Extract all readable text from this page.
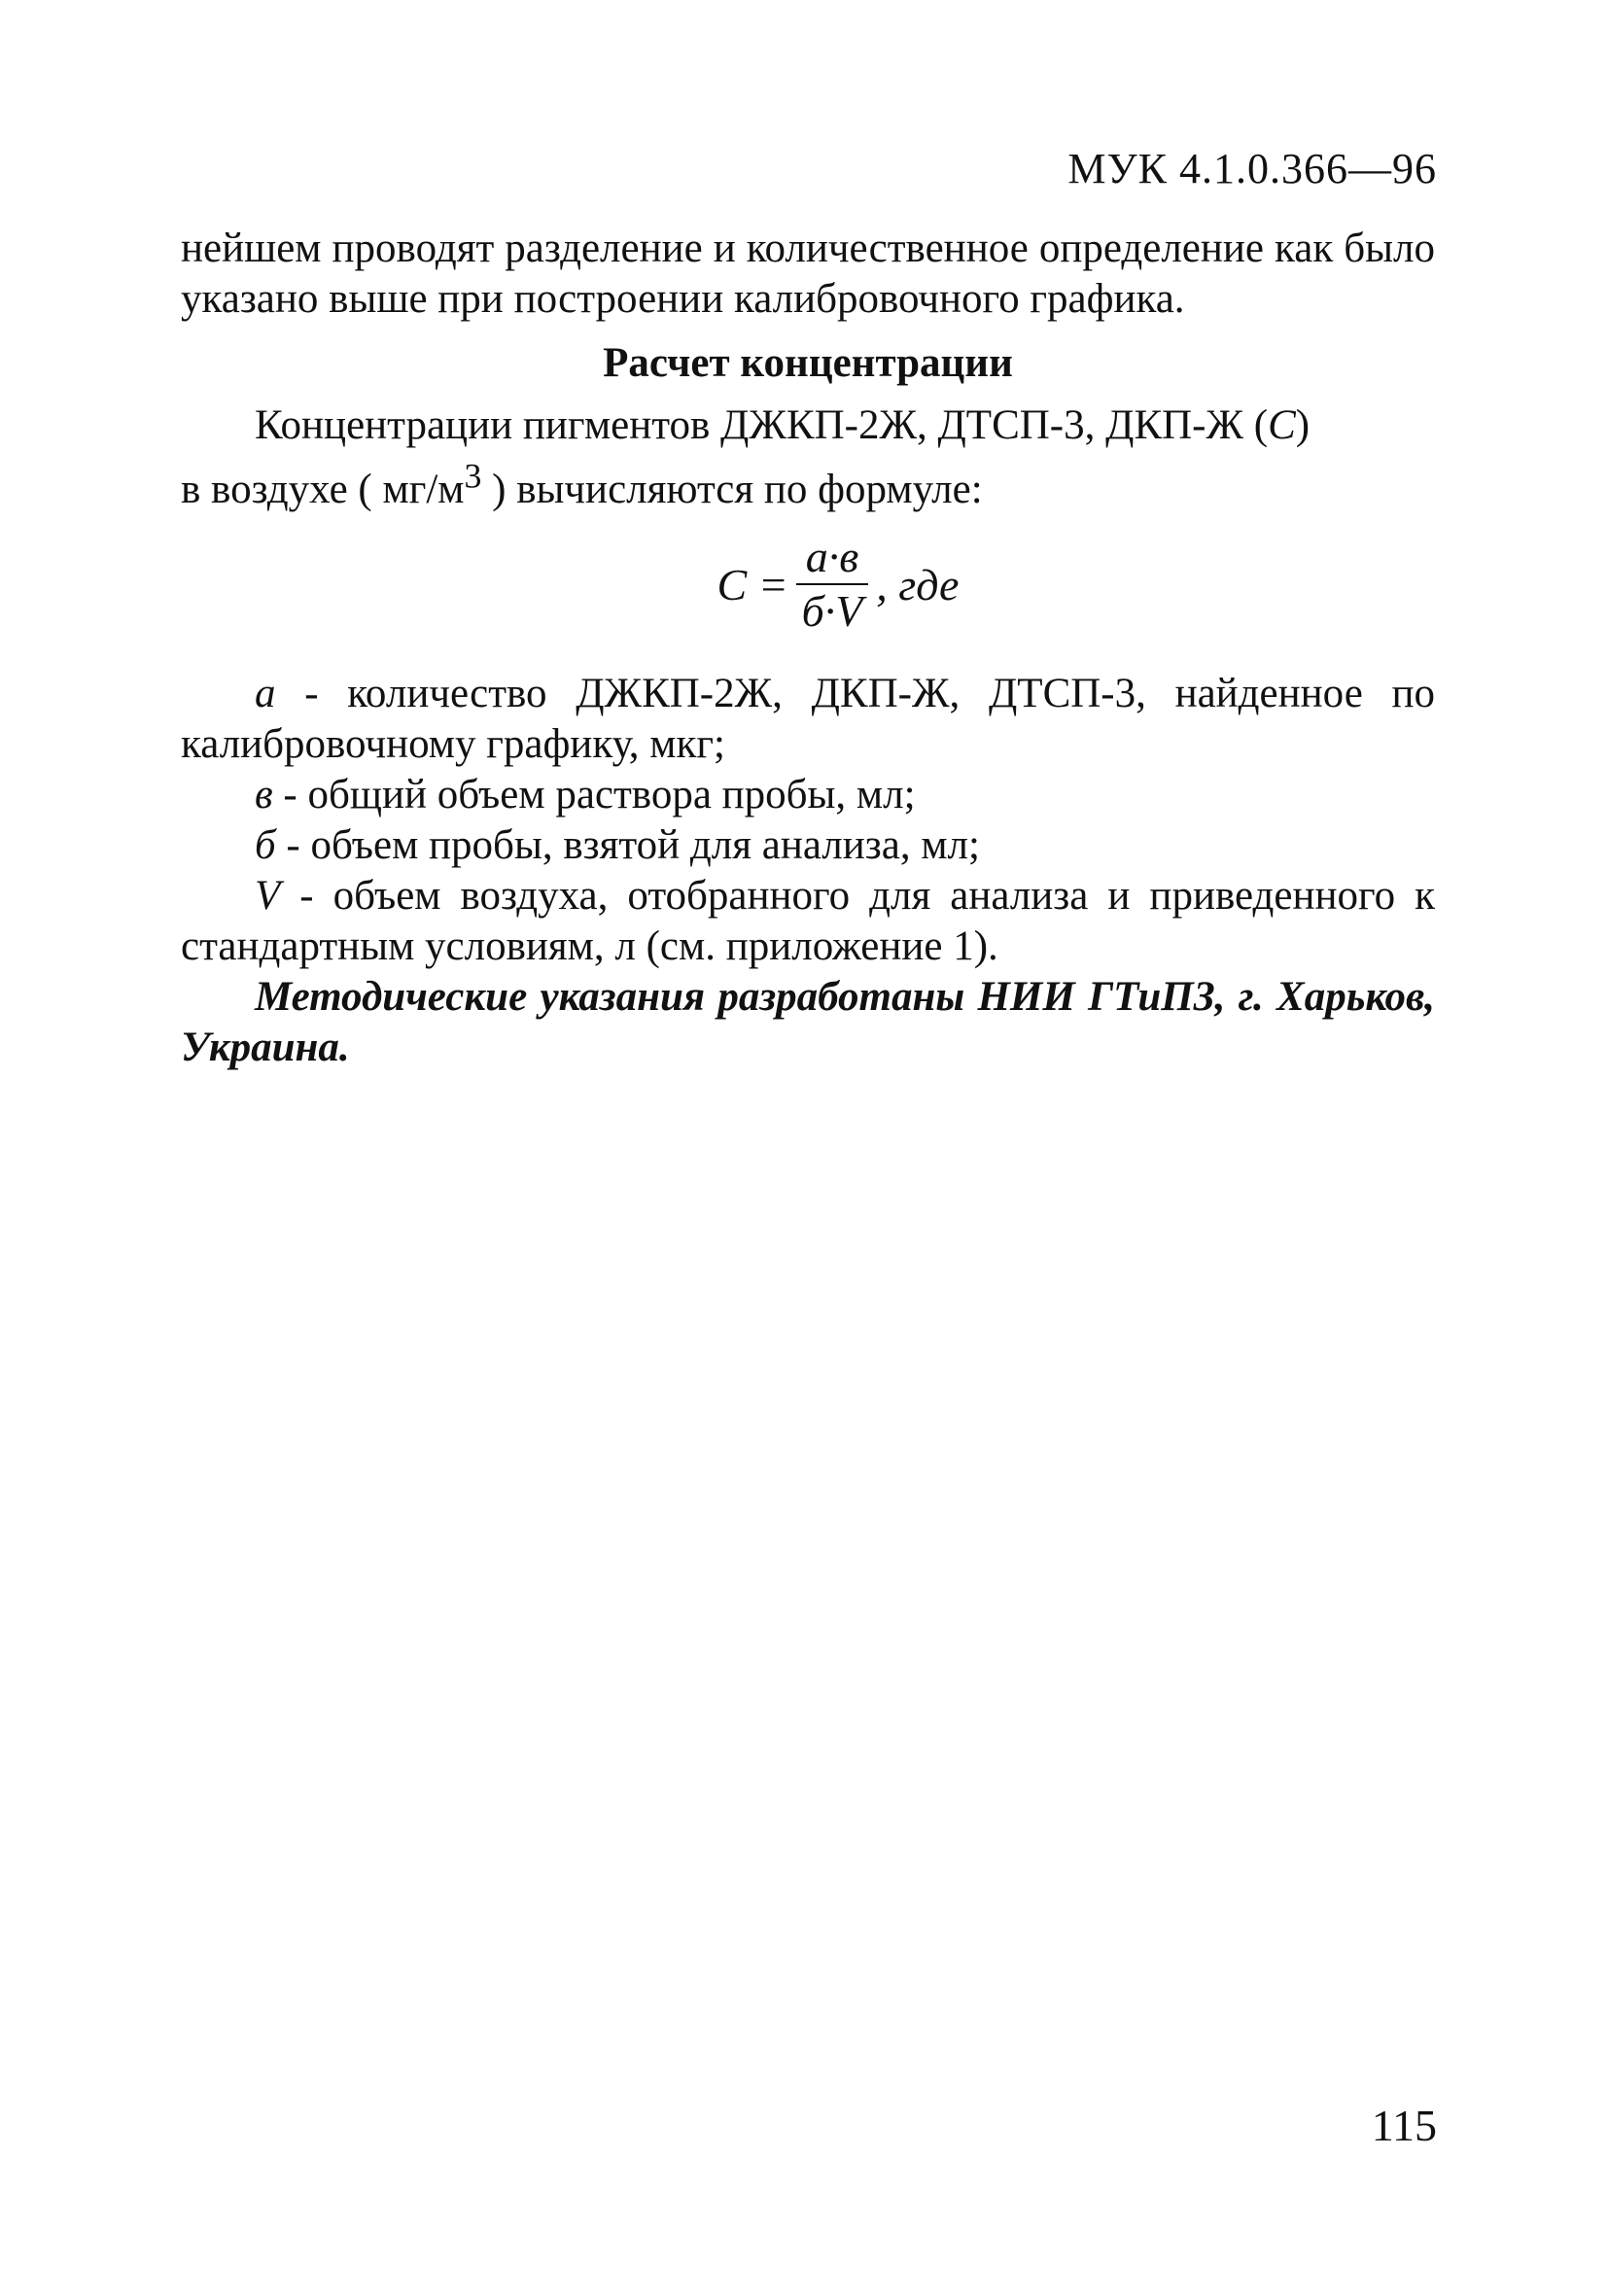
МУК 4.1.0.366—96
нейшем проводят разделение и количественное определение как было указано выше при построении калибровочного графика.
Расчет концентрации
Концентрации пигментов ДЖКП-2Ж, ДТСП-3, ДКП-Ж (С)
в воздухе ( $мг/м^3$ ) вычисляются по формуле:
$С = \frac{а\cdot в}{б\cdot V}$ , где
а - количество ДЖКП-2Ж, ДКП-Ж, ДТСП-3, найденное по калибровочному графику, мкг;
в - общий объем раствора пробы, мл;
б - объем пробы, взятой для анализа, мл;
V - объем воздуха, отобранного для анализа и приведенного к стандартным условиям, л (см. приложение 1).
Методические указания разработаны НИИ ГТиПЗ, г. Харьков, Украина.
115
